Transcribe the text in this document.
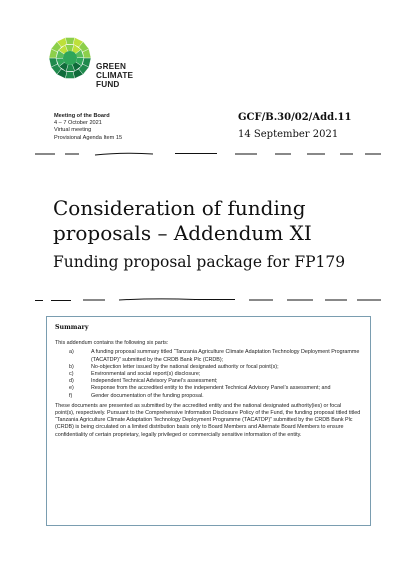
GREEN
CLIMATE
FUND
Meeting of the Board
4 – 7 October 2021
Virtual meeting
Provisional Agenda Item 15
GCF/B.30/02/Add.11
14 September 2021
Consideration of funding proposals – Addendum XI
Funding proposal package for FP179
Summary
This addendum contains the following six parts:
a)	A funding proposal summary titled “Tanzania Agriculture Climate Adaptation Technology Deployment Programme (TACATDP)” submitted by the CRDB Bank Plc (CRDB);
b)	No-objection letter issued by the national designated authority or focal point(s);
c)	Environmental and social report(s) disclosure;
d)	Independent Technical Advisory Panel’s assessment;
e)	Response from the accredited entity to the independent Technical Advisory Panel’s assessment; and
f)	Gender documentation of the funding proposal.
These documents are presented as submitted by the accredited entity and the national designated authority(ies) or focal point(s), respectively. Pursuant to the Comprehensive Information Disclosure Policy of the Fund, the funding proposal titled titled “Tanzania Agriculture Climate Adaptation Technology Deployment Programme (TACATDP)” submitted by the CRDB Bank Plc (CRDB) is being circulated on a limited distribution basis only to Board Members and Alternate Board Members to ensure confidentiality of certain proprietary, legally privileged or commercially sensitive information of the entity.
